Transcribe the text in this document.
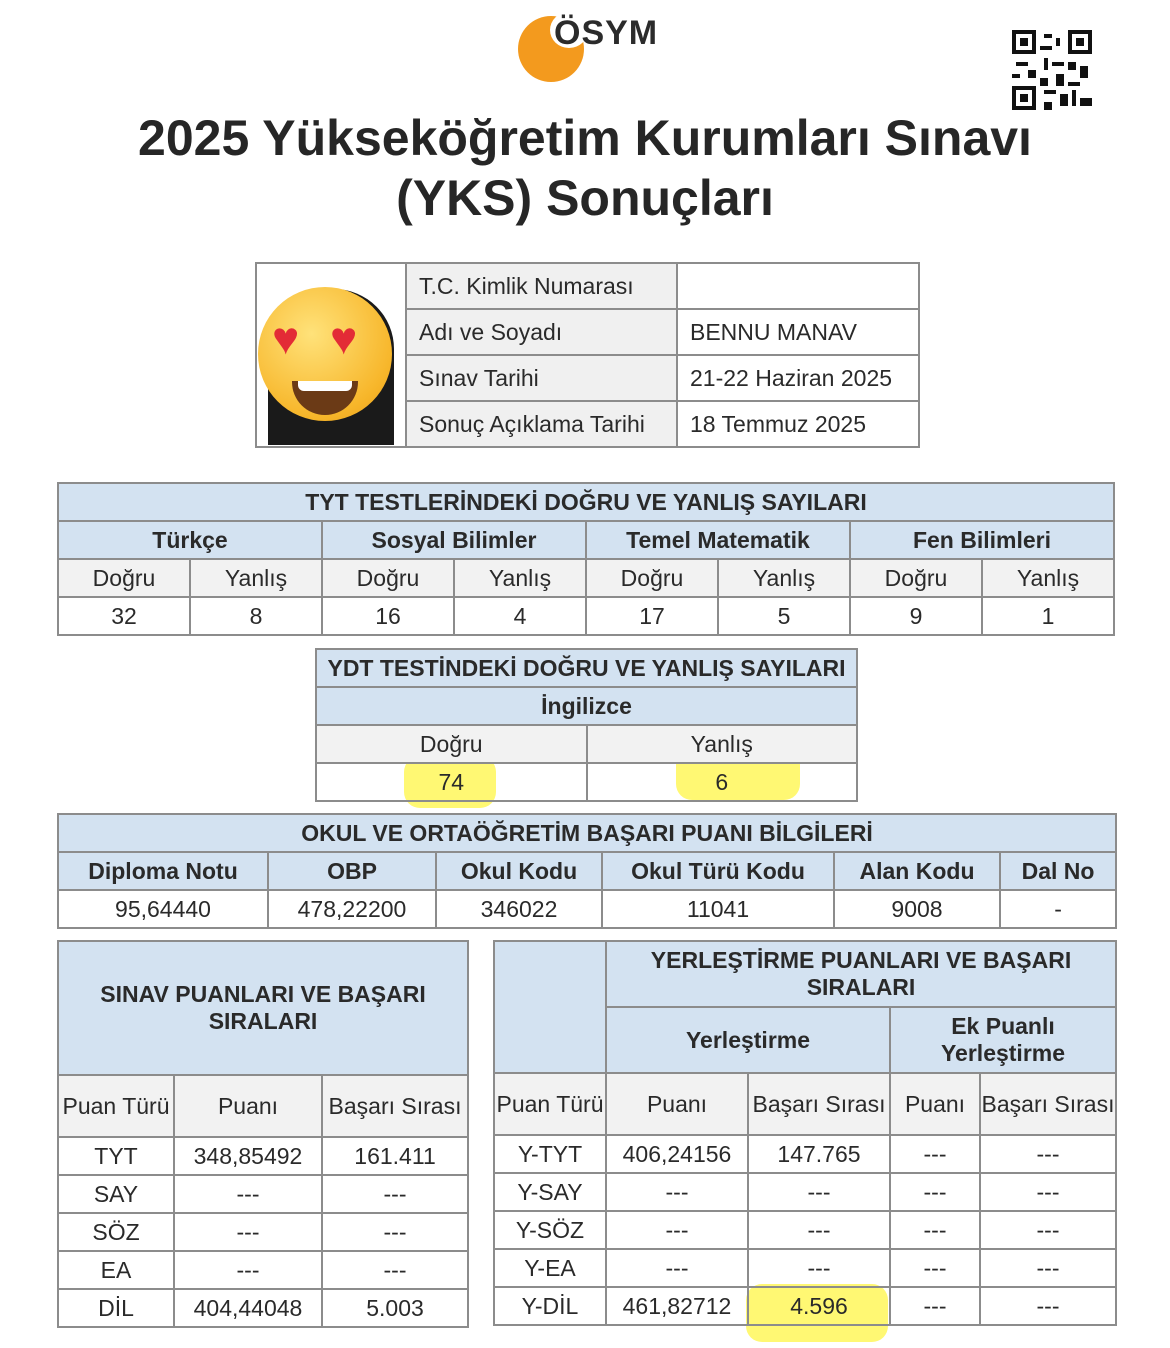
ÖSYM
2025 Yükseköğretim Kurumları Sınavı
(YKS) Sonuçları
♥ ♥	T.C. Kimlik Numarası	
	Adı ve Soyadı	BENNU MANAV
	Sınav Tarihi	21-22 Haziran 2025
	Sonuç Açıklama Tarihi	18 Temmuz 2025
TYT TESTLERİNDEKİ DOĞRU VE YANLIŞ SAYILARI							
Türkçe		Sosyal Bilimler		Temel Matematik		Fen Bilimleri	
Doğru	Yanlış	Doğru	Yanlış	Doğru	Yanlış	Doğru	Yanlış
32	8	16	4	17	5	9	1
YDT TESTİNDEKİ DOĞRU VE YANLIŞ SAYILARI	
İngilizce	
Doğru	Yanlış
74	6
OKUL VE ORTAÖĞRETİM BAŞARI PUANI BİLGİLERİ					
Diploma Notu	OBP	Okul Kodu	Okul Türü Kodu	Alan Kodu	Dal No
95,64440	478,22200	346022	11041	9008	-
SINAV PUANLARI VE BAŞARI SIRALARI		
Puan Türü	Puanı	Başarı Sırası
TYT	348,85492	161.411
SAY	---	---
SÖZ	---	---
EA	---	---
DİL	404,44048	5.003
	YERLEŞTİRME PUANLARI VE BAŞARI SIRALARI			
	Yerleştirme		Ek Puanlı Yerleştirme	
Puan Türü	Puanı	Başarı Sırası	Puanı	Başarı Sırası
Y-TYT	406,24156	147.765	---	---
Y-SAY	---	---	---	---
Y-SÖZ	---	---	---	---
Y-EA	---	---	---	---
Y-DİL	461,82712	4.596	---	---
